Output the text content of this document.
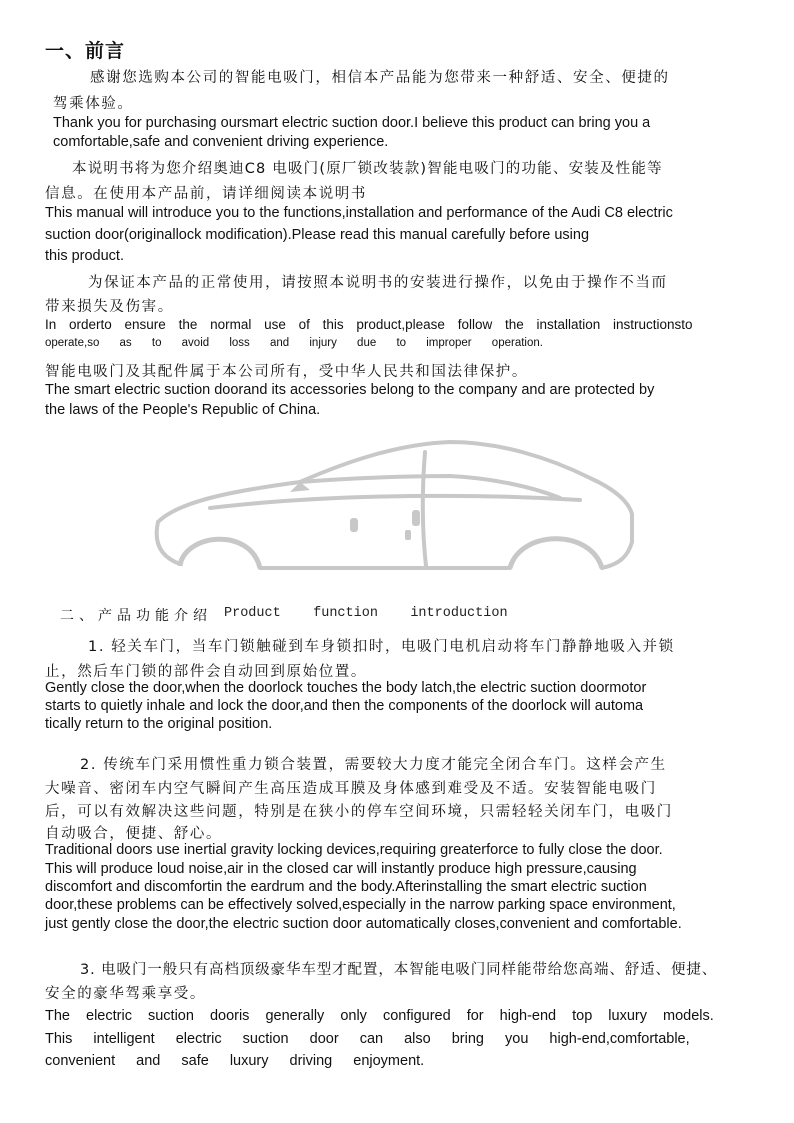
一、前言
感谢您选购本公司的智能电吸门，相信本产品能为您带来一种舒适、安全、便捷的
驾乘体验。
Thank you for purchasing oursmart electric suction door.I believe this product can bring you a
comfortable,safe and convenient driving experience.
本说明书将为您介绍奥迪C8 电吸门(原厂锁改装款)智能电吸门的功能、安装及性能等
信息。在使用本产品前，请详细阅读本说明书
This manual will introduce you to the functions,installation and performance of the Audi C8 electric
suction door(originallock modification).Please read this manual carefully before using
this product.
为保证本产品的正常使用，请按照本说明书的安装进行操作，以免由于操作不当而
带来损失及伤害。
In orderto ensure the normal use of this product,please follow the installation instructionsto
operate,so as to avoid loss and injury due to improper operation.
智能电吸门及其配件属于本公司所有，受中华人民共和国法律保护。
The smart electric suction doorand its accessories belong to the company and are protected by
the laws of the People's Republic of China.
二、产品功能介绍 Product    function    introduction
1. 轻关车门，当车门锁触碰到车身锁扣时，电吸门电机启动将车门静静地吸入并锁
止，然后车门锁的部件会自动回到原始位置。
Gently close the door,when the doorlock touches the body latch,the electric suction doormotor
starts to quietly inhale and lock the door,and then the components of the doorlock will automa
tically return to the original position.
2. 传统车门采用惯性重力锁合装置，需要较大力度才能完全闭合车门。这样会产生
大噪音、密闭车内空气瞬间产生高压造成耳膜及身体感到难受及不适。安装智能电吸门
后，可以有效解决这些问题，特别是在狭小的停车空间环境，只需轻轻关闭车门，电吸门
自动吸合，便捷、舒心。
Traditional doors use inertial gravity locking devices,requiring greaterforce to fully close the door.
This will produce loud noise,air in the closed car will instantly produce high pressure,causing
discomfort and discomfortin the eardrum and the body.Afterinstalling the smart electric suction
door,these problems can be effectively solved,especially in the narrow parking space environment,
just gently close the door,the electric suction door automatically closes,convenient and comfortable.
3. 电吸门一般只有高档顶级豪华车型才配置，本智能电吸门同样能带给您高端、舒适、便捷、
安全的豪华驾乘享受。
The electric suction dooris generally only configured for high-end top luxury models.
This intelligent electric suction door can also bring you high-end,comfortable,
convenient and safe luxury driving enjoyment.
